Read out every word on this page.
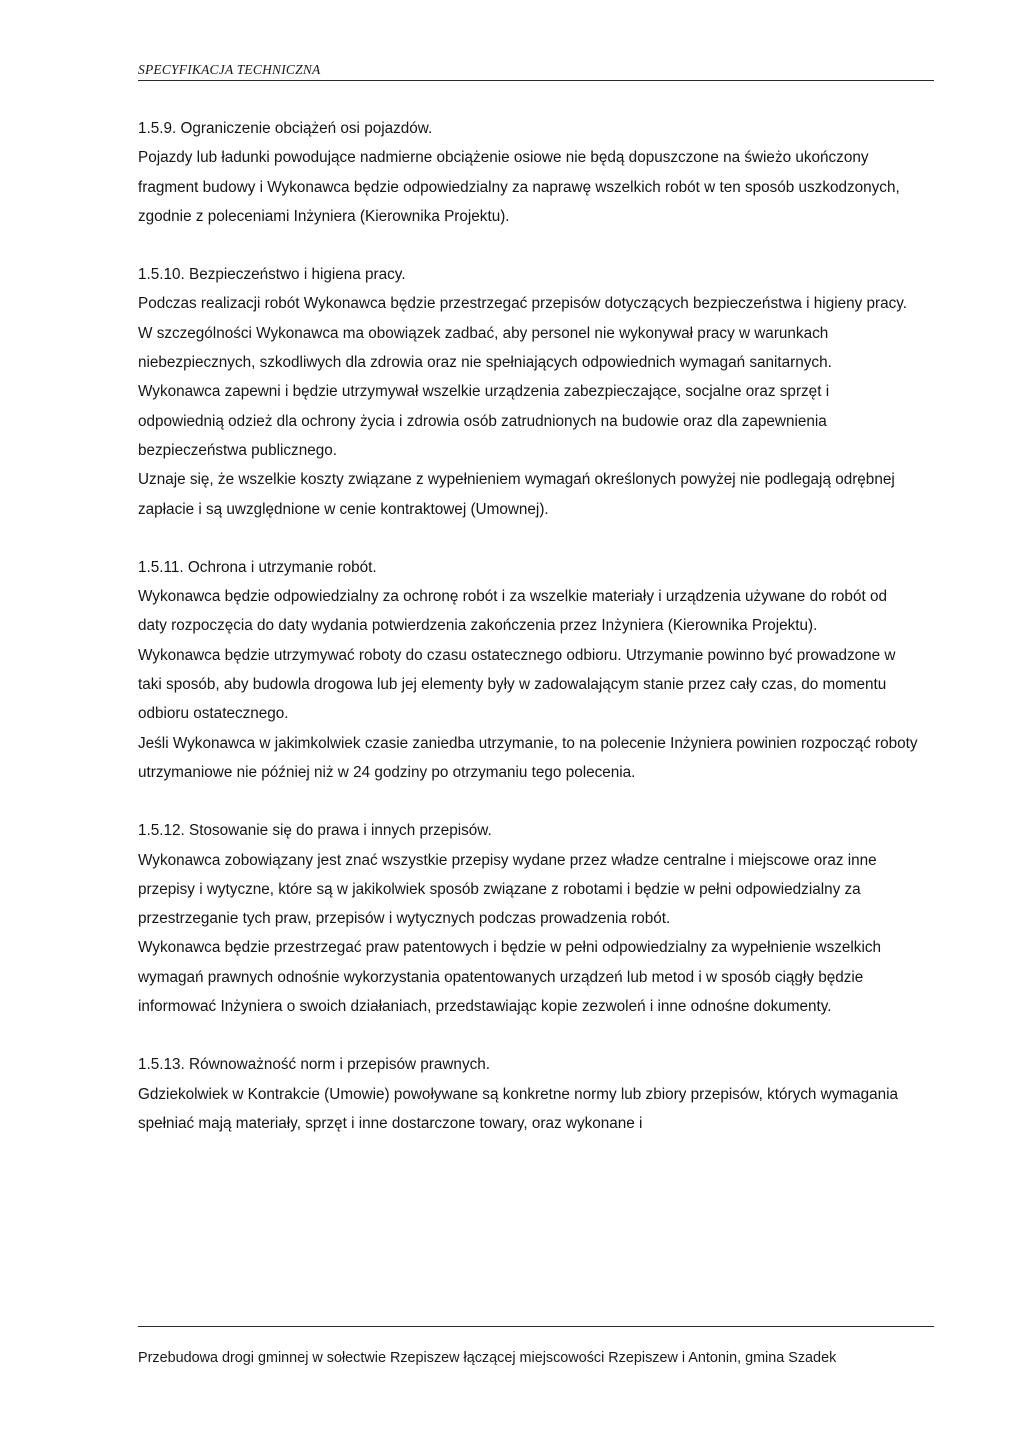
SPECYFIKACJA TECHNICZNA

1.5.9. Ograniczenie obciążeń osi pojazdów.

Pojazdy lub ładunki powodujące nadmierne obciążenie osiowe nie będą dopuszczone na świeżo ukończony fragment budowy i Wykonawca będzie odpowiedzialny za naprawę wszelkich robót w ten sposób uszkodzonych, zgodnie z poleceniami Inżyniera (Kierownika Projektu).

1.5.10. Bezpieczeństwo i higiena pracy.

Podczas realizacji robót Wykonawca będzie przestrzegać przepisów dotyczących bezpieczeństwa i higieny pracy.

W szczególności Wykonawca ma obowiązek zadbać, aby personel nie wykonywał pracy w warunkach niebezpiecznych, szkodliwych dla zdrowia oraz nie spełniających odpowiednich wymagań sanitarnych.

Wykonawca zapewni i będzie utrzymywał wszelkie urządzenia zabezpieczające, socjalne oraz sprzęt i odpowiednią odzież dla ochrony życia i zdrowia osób zatrudnionych na budowie oraz dla zapewnienia bezpieczeństwa publicznego.

Uznaje się, że wszelkie koszty związane z wypełnieniem wymagań określonych powyżej nie podlegają odrębnej zapłacie i są uwzględnione w cenie kontraktowej (Umownej).

1.5.11. Ochrona i utrzymanie robót.

Wykonawca będzie odpowiedzialny za ochronę robót i za wszelkie materiały i urządzenia używane do robót od daty rozpoczęcia do daty wydania potwierdzenia zakończenia przez Inżyniera (Kierownika Projektu).

Wykonawca będzie utrzymywać roboty do czasu ostatecznego odbioru. Utrzymanie powinno być prowadzone w taki sposób, aby budowla drogowa lub jej elementy były w zadowalającym stanie przez cały czas, do momentu odbioru ostatecznego.

Jeśli Wykonawca w jakimkolwiek czasie zaniedba utrzymanie, to na polecenie Inżyniera powinien rozpocząć roboty utrzymaniowe nie później niż w 24 godziny po otrzymaniu tego polecenia.

1.5.12. Stosowanie się do prawa i innych przepisów.

Wykonawca zobowiązany jest znać wszystkie przepisy wydane przez władze centralne i miejscowe oraz inne przepisy i wytyczne, które są w jakikolwiek sposób związane z robotami i będzie w pełni odpowiedzialny za przestrzeganie tych praw, przepisów i wytycznych podczas prowadzenia robót.

Wykonawca będzie przestrzegać praw patentowych i będzie w pełni odpowiedzialny za wypełnienie wszelkich wymagań prawnych odnośnie wykorzystania opatentowanych urządzeń lub metod i w sposób ciągły będzie informować Inżyniera o swoich działaniach, przedstawiając kopie zezwoleń i inne odnośne dokumenty.

1.5.13. Równoważność norm i przepisów prawnych.

Gdziekolwiek w Kontrakcie (Umowie) powoływane są konkretne normy lub zbiory przepisów, których wymagania spełniać mają materiały, sprzęt i inne dostarczone towary, oraz wykonane i

Przebudowa drogi gminnej w sołectwie Rzepiszew łączącej miejscowości Rzepiszew i Antonin, gmina Szadek
